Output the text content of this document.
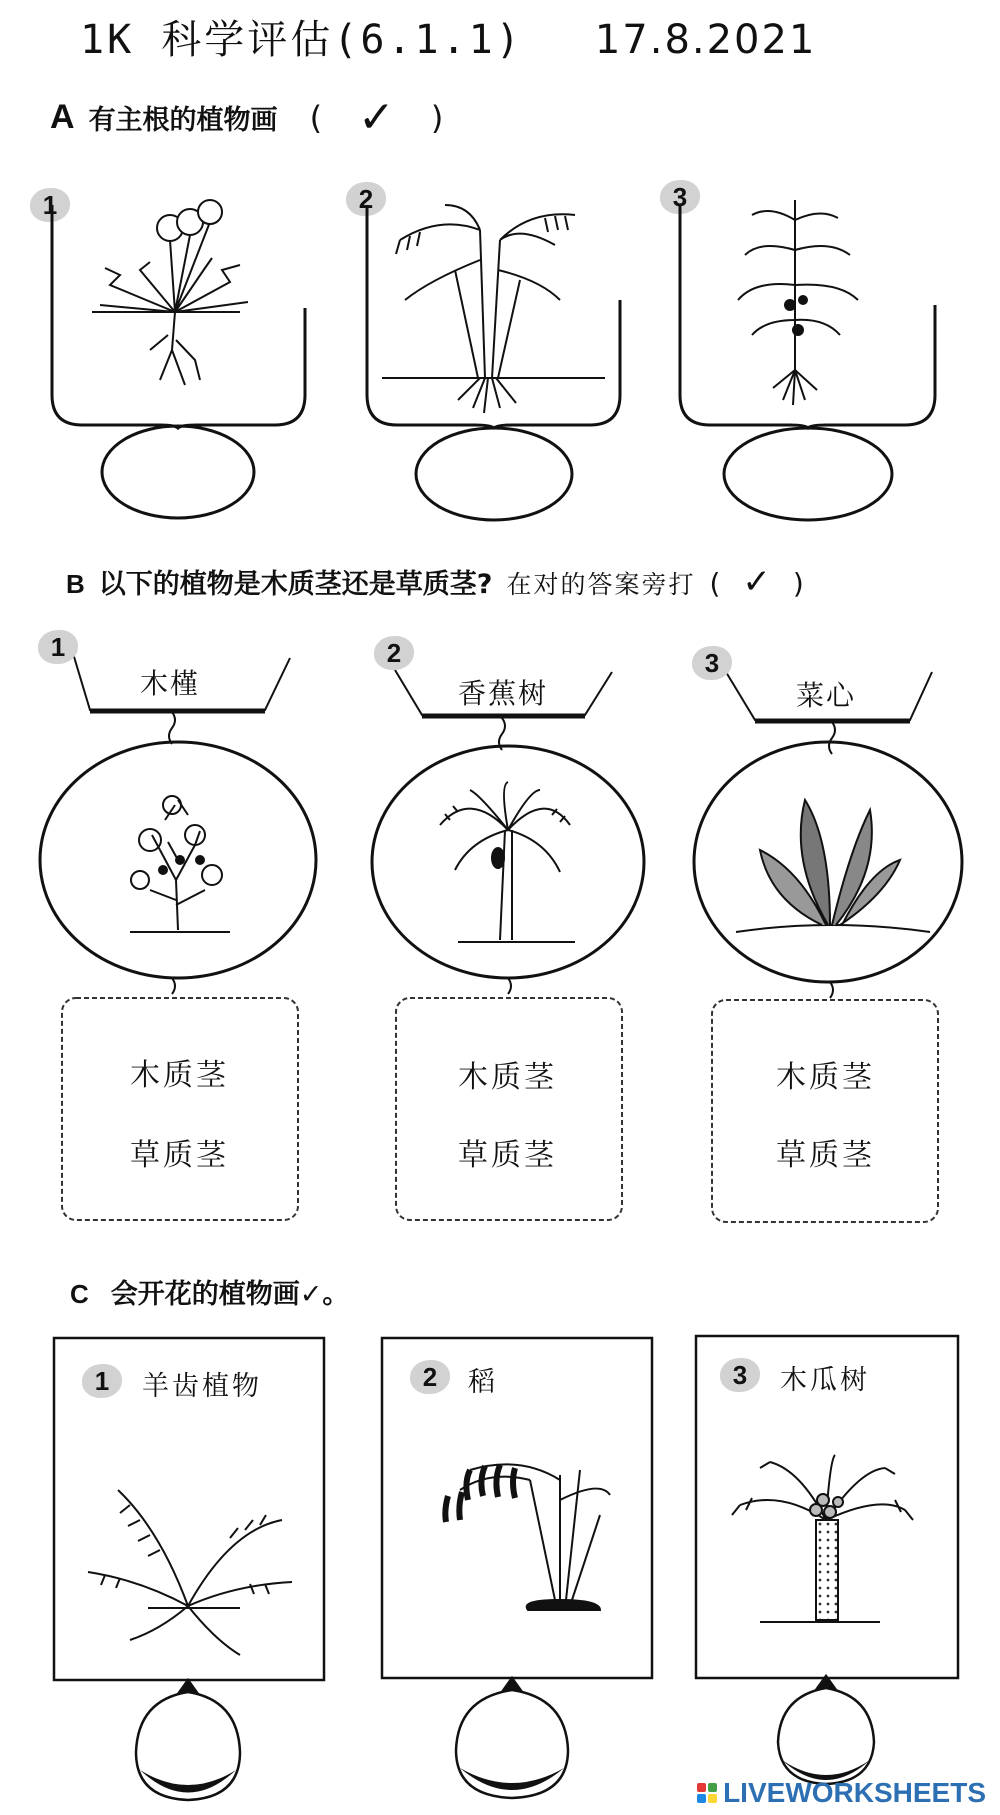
1K 科学评估(6.1.1) 17.8.2021
A 有主根的植物画 ( ✓ )
1	2	3
B 以下的植物是木质茎还是草质茎? 在对的答案旁打 ( ✓ )
1	2	3
木槿	香蕉树	菜心
木质茎
草质茎
木质茎
草质茎
木质茎
草质茎
C 会开花的植物画✓。
1	2	3
羊齿植物	稻	木瓜树
LIVEWORKSHEETS
